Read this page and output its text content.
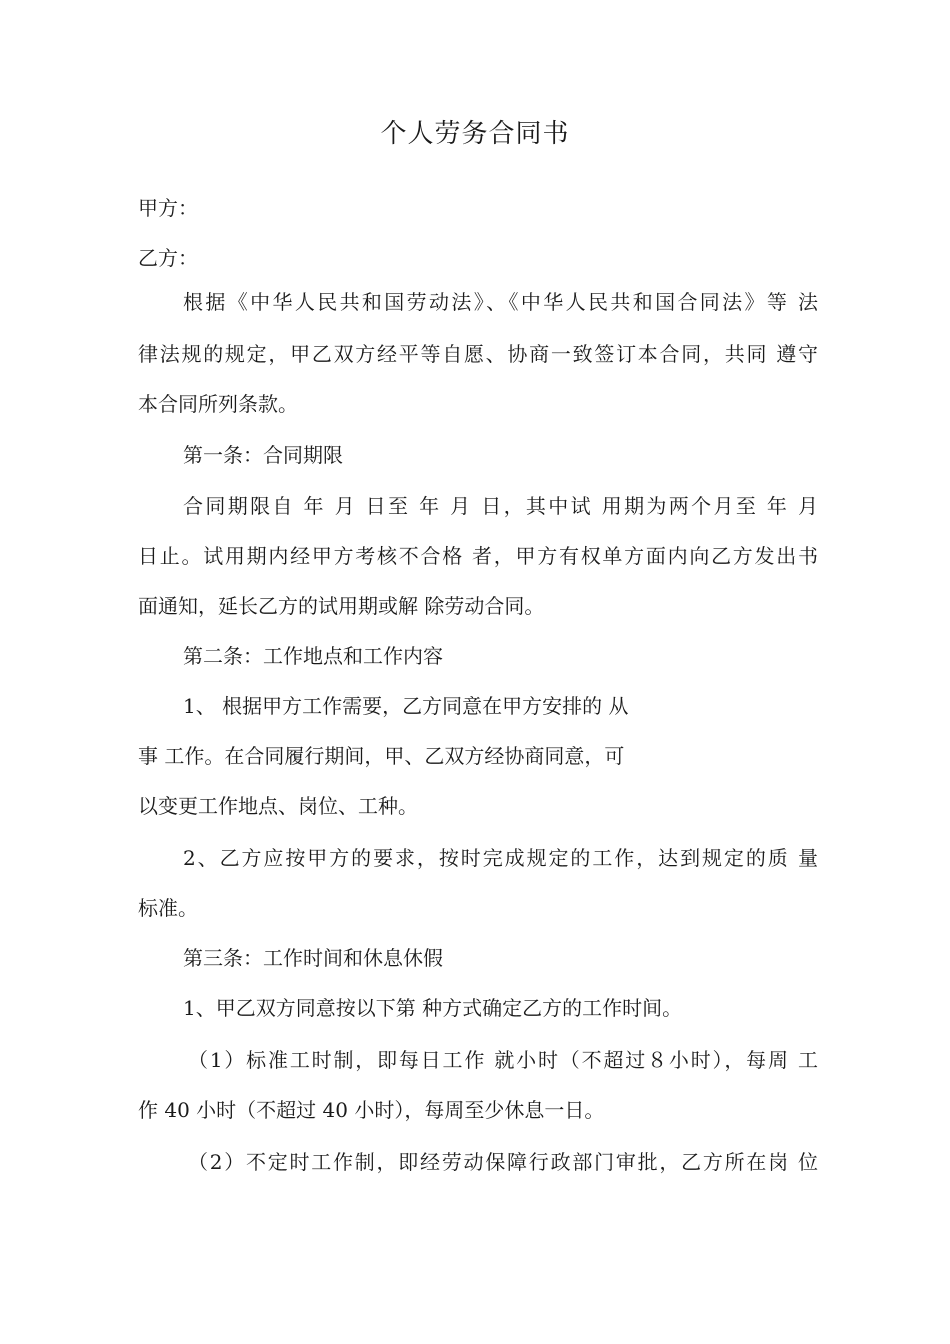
个人劳务合同书

甲方：

乙方：

根据《中华人民共和国劳动法》、《中华人民共和国合同法》等 法

律法规的规定，甲乙双方经平等自愿、协商一致签订本合同，共同 遵守

本合同所列条款。

第一条：合同期限

合同期限自 年 月 日至 年 月 日，其中试 用期为两个月至 年 月

日止。试用期内经甲方考核不合格 者，甲方有权单方面内向乙方发出书

面通知，延长乙方的试用期或解 除劳动合同。

第二条：工作地点和工作内容

1、 根据甲方工作需要，乙方同意在甲方安排的 从

事 工作。在合同履行期间，甲、乙双方经协商同意，可

以变更工作地点、岗位、工种。

2、乙方应按甲方的要求，按时完成规定的工作，达到规定的质 量

标准。

第三条：工作时间和休息休假

1、甲乙双方同意按以下第 种方式确定乙方的工作时间。

（1）标准工时制，即每日工作 就小时（不超过８小时），每周 工

作 40 小时（不超过 40 小时），每周至少休息一日。

（2）不定时工作制，即经劳动保障行政部门审批，乙方所在岗 位
